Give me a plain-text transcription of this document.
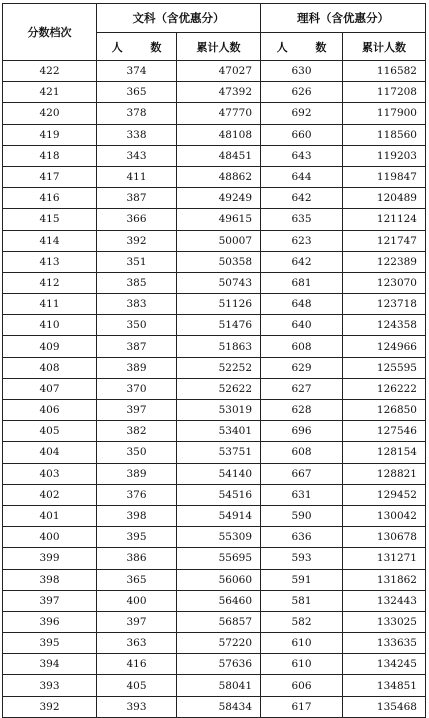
分数档次	文科（含优惠分）		理科（含优惠分）	
	人 数	累计人数	人 数	累计人数
422	374	47027	630	116582
421	365	47392	626	117208
420	378	47770	692	117900
419	338	48108	660	118560
418	343	48451	643	119203
417	411	48862	644	119847
416	387	49249	642	120489
415	366	49615	635	121124
414	392	50007	623	121747
413	351	50358	642	122389
412	385	50743	681	123070
411	383	51126	648	123718
410	350	51476	640	124358
409	387	51863	608	124966
408	389	52252	629	125595
407	370	52622	627	126222
406	397	53019	628	126850
405	382	53401	696	127546
404	350	53751	608	128154
403	389	54140	667	128821
402	376	54516	631	129452
401	398	54914	590	130042
400	395	55309	636	130678
399	386	55695	593	131271
398	365	56060	591	131862
397	400	56460	581	132443
396	397	56857	582	133025
395	363	57220	610	133635
394	416	57636	610	134245
393	405	58041	606	134851
392	393	58434	617	135468
